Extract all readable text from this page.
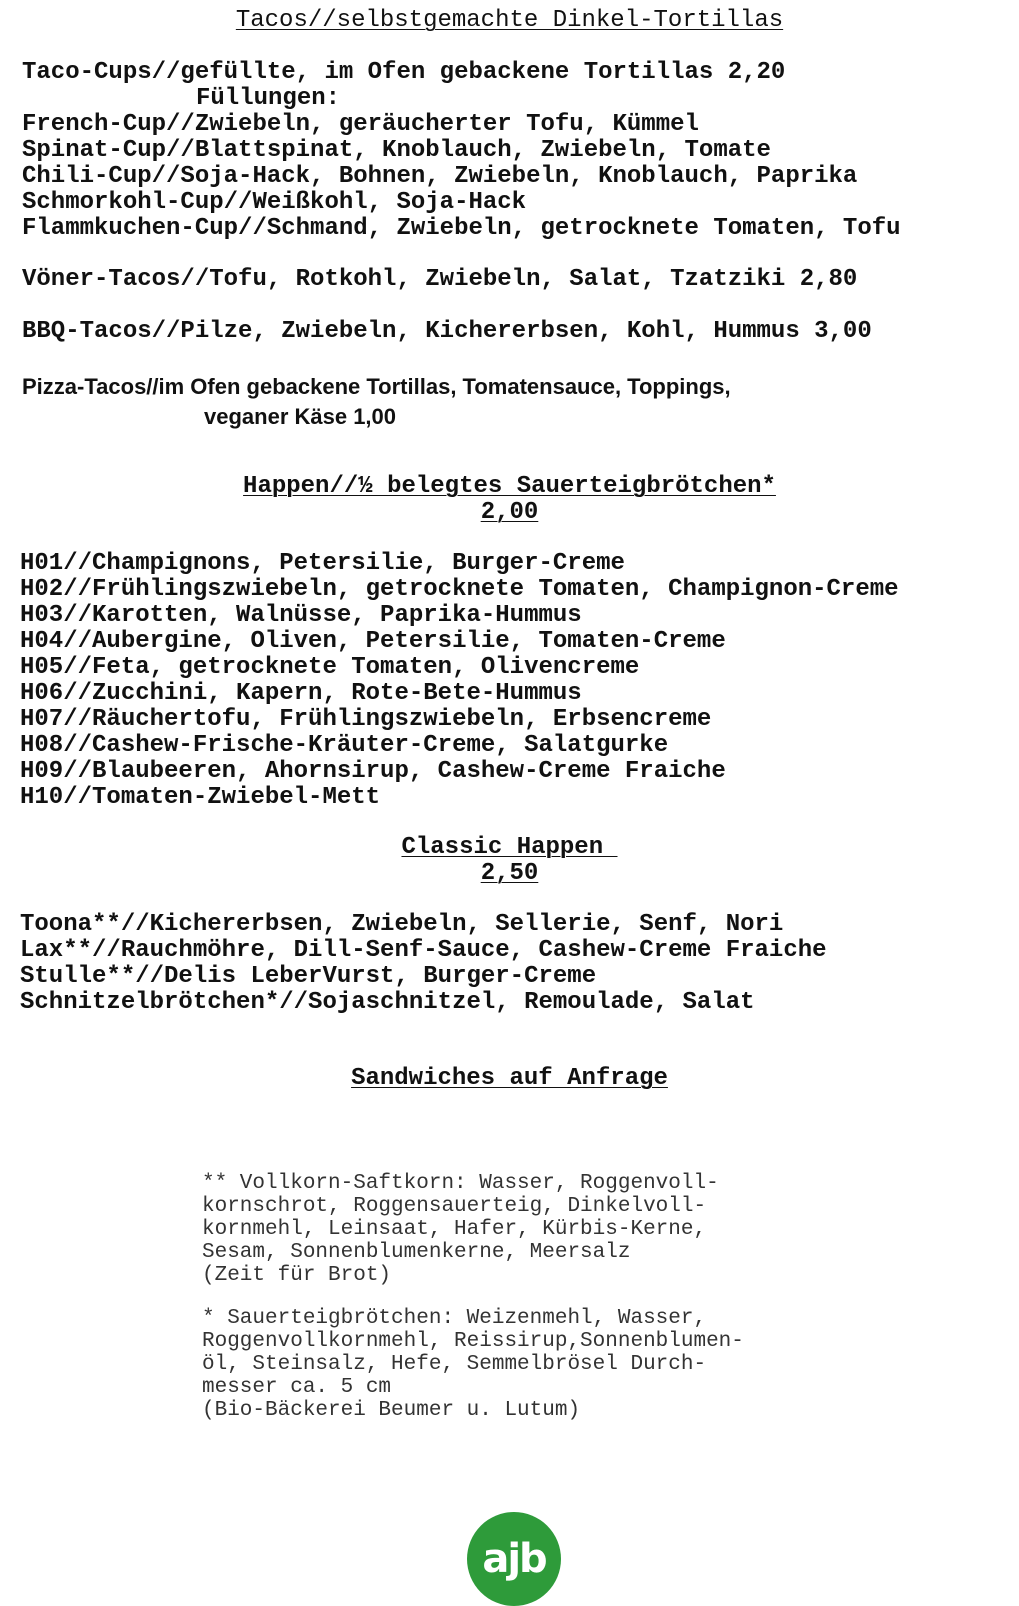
Tacos//selbstgemachte Dinkel-Tortillas
Taco-Cups//gefüllte, im Ofen gebackene Tortillas 2,20
Füllungen:
French-Cup//Zwiebeln, geräucherter Tofu, Kümmel
Spinat-Cup//Blattspinat, Knoblauch, Zwiebeln, Tomate
Chili-Cup//Soja-Hack, Bohnen, Zwiebeln, Knoblauch, Paprika
Schmorkohl-Cup//Weißkohl, Soja-Hack
Flammkuchen-Cup//Schmand, Zwiebeln, getrocknete Tomaten, Tofu
Vöner-Tacos//Tofu, Rotkohl, Zwiebeln, Salat, Tzatziki 2,80
BBQ-Tacos//Pilze, Zwiebeln, Kichererbsen, Kohl, Hummus 3,00
Pizza-Tacos//im Ofen gebackene Tortillas, Tomatensauce, Toppings,
veganer Käse 1,00
Happen//½ belegtes Sauerteigbrötchen*
2,00
H01//Champignons, Petersilie, Burger-Creme
H02//Frühlingszwiebeln, getrocknete Tomaten, Champignon-Creme
H03//Karotten, Walnüsse, Paprika-Hummus
H04//Aubergine, Oliven, Petersilie, Tomaten-Creme
H05//Feta, getrocknete Tomaten, Olivencreme
H06//Zucchini, Kapern, Rote-Bete-Hummus
H07//Räuchertofu, Frühlingszwiebeln, Erbsencreme
H08//Cashew-Frische-Kräuter-Creme, Salatgurke
H09//Blaubeeren, Ahornsirup, Cashew-Creme Fraiche
H10//Tomaten-Zwiebel-Mett
Classic Happen
2,50
Toona**//Kichererbsen, Zwiebeln, Sellerie, Senf, Nori
Lax**//Rauchmöhre, Dill-Senf-Sauce, Cashew-Creme Fraiche
Stulle**//Delis LeberVurst, Burger-Creme
Schnitzelbrötchen*//Sojaschnitzel, Remoulade, Salat
Sandwiches auf Anfrage
** Vollkorn-Saftkorn: Wasser, Roggenvoll-
kornschrot, Roggensauerteig, Dinkelvoll-
kornmehl, Leinsaat, Hafer, Kürbis-Kerne,
Sesam, Sonnenblumenkerne, Meersalz
(Zeit für Brot)
* Sauerteigbrötchen: Weizenmehl, Wasser,
Roggenvollkornmehl, Reissirup,Sonnenblumen-
öl, Steinsalz, Hefe, Semmelbrösel Durch-
messer ca. 5 cm
(Bio-Bäckerei Beumer u. Lutum)
ajb
